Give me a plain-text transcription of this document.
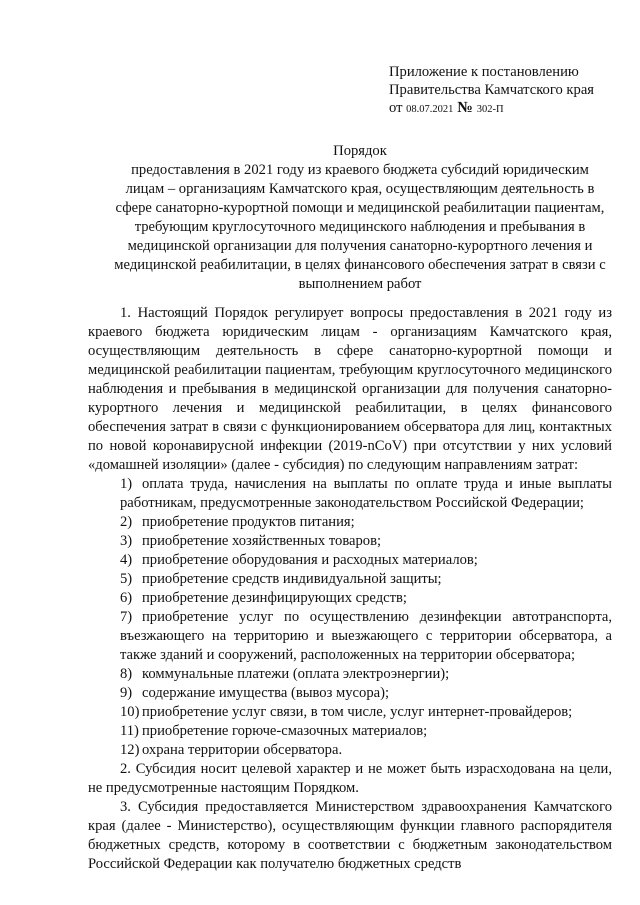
Приложение к постановлению
Правительства Камчатского края
от 08.07.2021 № 302-П
Порядок
предоставления в 2021 году из краевого бюджета субсидий юридическим
лицам – организациям Камчатского края, осуществляющим деятельность в
сфере санаторно-курортной помощи и медицинской реабилитации пациентам,
требующим круглосуточного медицинского наблюдения и пребывания в
медицинской организации для получения санаторно-курортного лечения и
медицинской реабилитации, в целях финансового обеспечения затрат в связи с
выполнением работ

1. Настоящий Порядок регулирует вопросы предоставления в 2021 году из краевого бюджета юридическим лицам - организациям Камчатского края, осуществляющим деятельность в сфере санаторно-курортной помощи и медицинской реабилитации пациентам, требующим круглосуточного медицинского наблюдения и пребывания в медицинской организации для получения санаторно-курортного лечения и медицинской реабилитации, в целях финансового обеспечения затрат в связи с функционированием обсерватора для лиц, контактных по новой коронавирусной инфекции (2019-nCoV) при отсутствии у них условий «домашней изоляции» (далее - субсидия) по следующим направлениям затрат:

1) оплата труда, начисления на выплаты по оплате труда и иные выплаты работникам, предусмотренные законодательством Российской Федерации;

2) приобретение продуктов питания;

3) приобретение хозяйственных товаров;

4) приобретение оборудования и расходных материалов;

5) приобретение средств индивидуальной защиты;

6) приобретение дезинфицирующих средств;

7) приобретение услуг по осуществлению дезинфекции автотранспорта, въезжающего на территорию и выезжающего с территории обсерватора, а также зданий и сооружений, расположенных на территории обсерватора;

8) коммунальные платежи (оплата электроэнергии);

9) содержание имущества (вывоз мусора);

10) приобретение услуг связи, в том числе, услуг интернет-провайдеров;

11) приобретение горюче-смазочных материалов;

12) охрана территории обсерватора.

2. Субсидия носит целевой характер и не может быть израсходована на цели, не предусмотренные настоящим Порядком.

3. Субсидия предоставляется Министерством здравоохранения Камчатского края (далее - Министерство), осуществляющим функции главного распорядителя бюджетных средств, которому в соответствии с бюджетным законодательством Российской Федерации как получателю бюджетных средств
